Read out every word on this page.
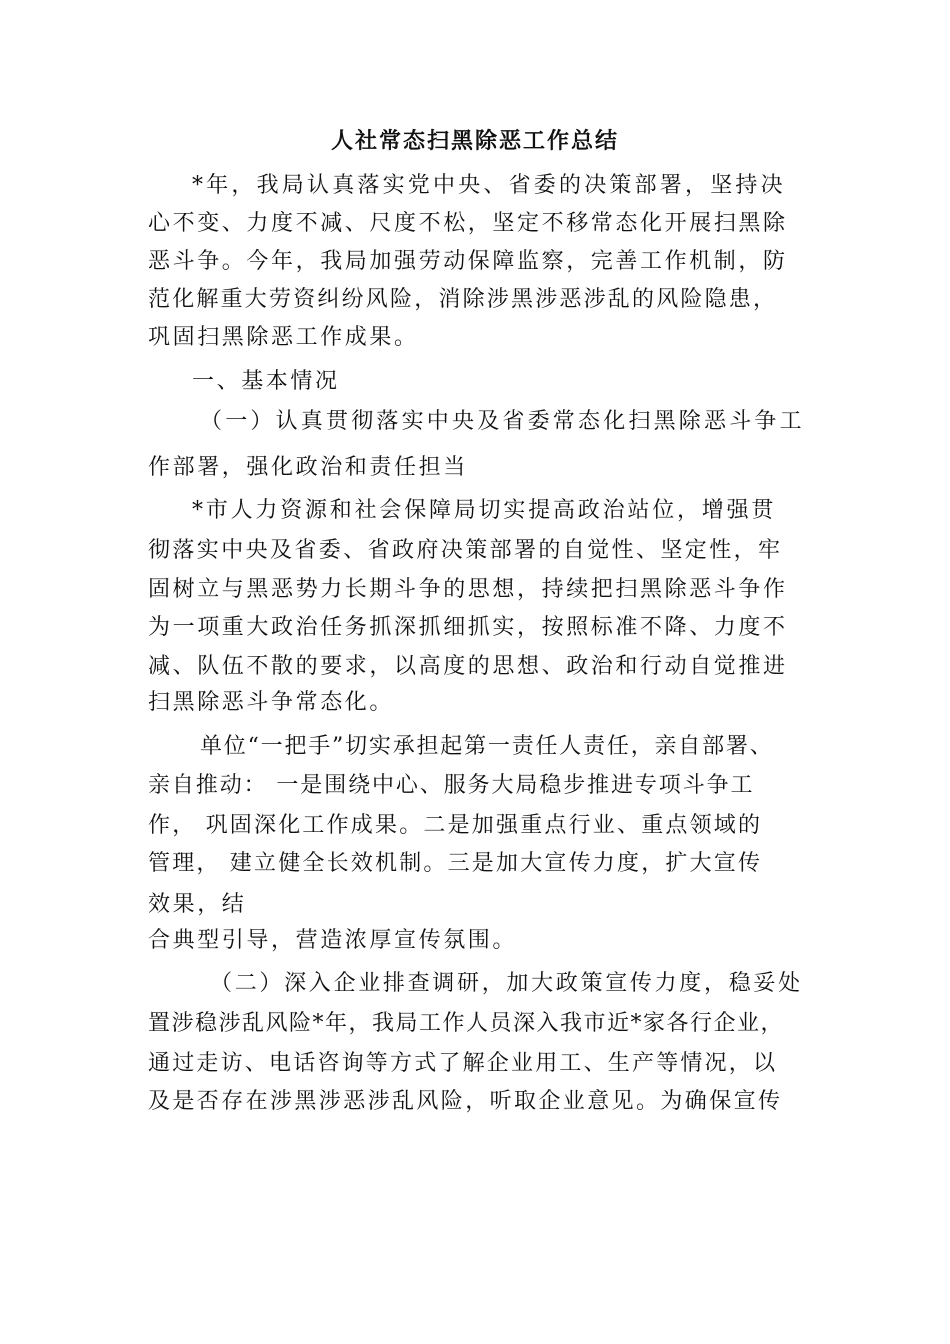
人社常态扫黑除恶工作总结
*年，我局认真落实党中央、省委的决策部署，坚持决
心不变、力度不减、尺度不松，坚定不移常态化开展扫黑除
恶斗争。今年，我局加强劳动保障监察，完善工作机制，防
范化解重大劳资纠纷风险，消除涉黑涉恶涉乱的风险隐患，
巩固扫黑除恶工作成果。
一、基本情况
（一）认真贯彻落实中央及省委常态化扫黑除恶斗争工
作部署，强化政治和责任担当
*市人力资源和社会保障局切实提高政治站位，增强贯
彻落实中央及省委、省政府决策部署的自觉性、坚定性，牢
固树立与黑恶势力长期斗争的思想，持续把扫黑除恶斗争作
为一项重大政治任务抓深抓细抓实，按照标准不降、力度不
减、队伍不散的要求，以高度的思想、政治和行动自觉推进
扫黑除恶斗争常态化。
单位“一把手”切实承担起第一责任人责任，亲自部署、
亲自推动： 一是围绕中心、服务大局稳步推进专项斗争工
作， 巩固深化工作成果。二是加强重点行业、重点领域的
管理， 建立健全长效机制。三是加大宣传力度，扩大宣传
效果，结
合典型引导，营造浓厚宣传氛围。
（二）深入企业排查调研，加大政策宣传力度，稳妥处
置涉稳涉乱风险*年，我局工作人员深入我市近*家各行企业，
通过走访、电话咨询等方式了解企业用工、生产等情况，以
及是否存在涉黑涉恶涉乱风险，听取企业意见。为确保宣传
